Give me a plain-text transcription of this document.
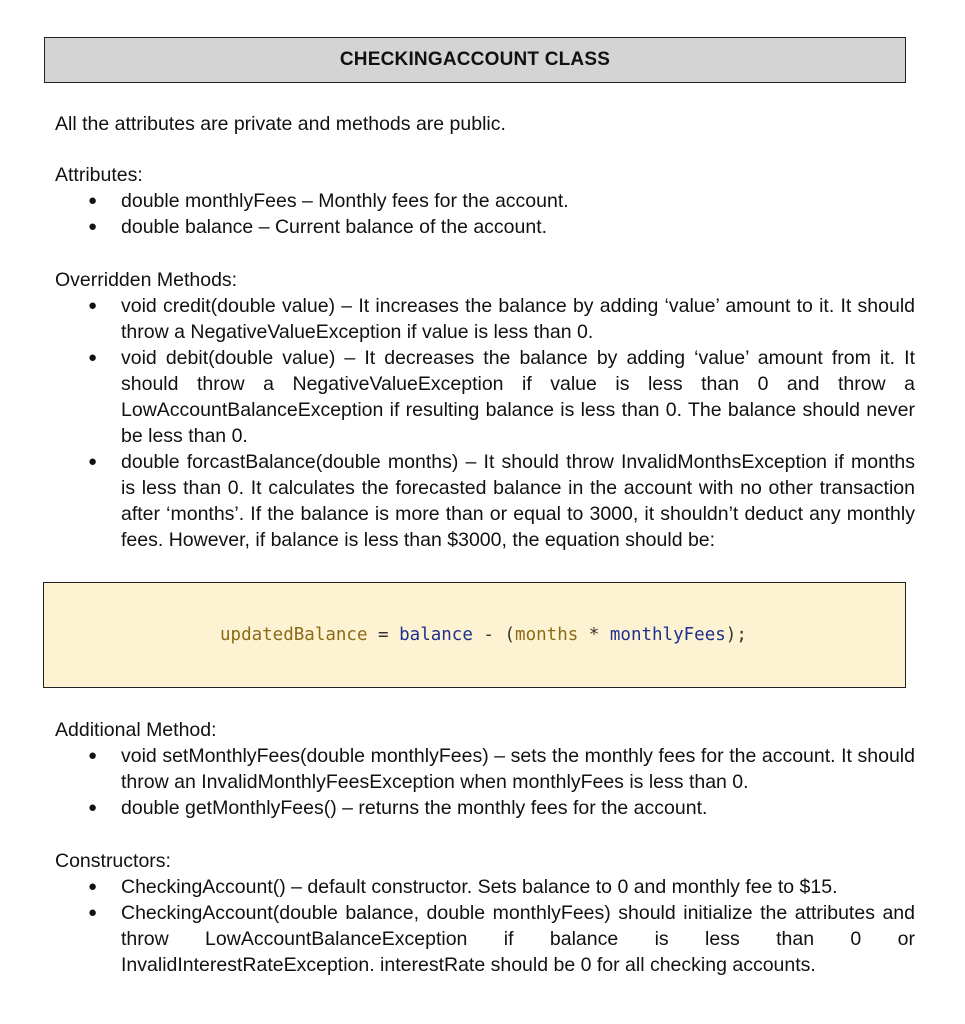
CHECKINGACCOUNT CLASS
All the attributes are private and methods are public.
Attributes:
● double monthlyFees – Monthly fees for the account.
● double balance – Current balance of the account.
Overridden Methods:
● void credit(double value) – It increases the balance by adding ‘value’ amount to it. It should throw a NegativeValueException if value is less than 0.
● void debit(double value) – It decreases the balance by adding ‘value’ amount from it. It should throw a NegativeValueException if value is less than 0 and throw a LowAccountBalanceException if resulting balance is less than 0. The balance should never be less than 0.
● double forcastBalance(double months) – It should throw InvalidMonthsException if months is less than 0. It calculates the forecasted balance in the account with no other transaction after ‘months’. If the balance is more than or equal to 3000, it shouldn’t deduct any monthly fees. However, if balance is less than $3000, the equation should be:
updatedBalance = balance - (months * monthlyFees);
Additional Method:
● void setMonthlyFees(double monthlyFees) – sets the monthly fees for the account. It should throw an InvalidMonthlyFeesException when monthlyFees is less than 0.
● double getMonthlyFees() – returns the monthly fees for the account.
Constructors:
● CheckingAccount() – default constructor. Sets balance to 0 and monthly fee to $15.
● CheckingAccount(double balance, double monthlyFees) should initialize the attributes and throw LowAccountBalanceException if balance is less than 0 or InvalidInterestRateException. interestRate should be 0 for all checking accounts.
